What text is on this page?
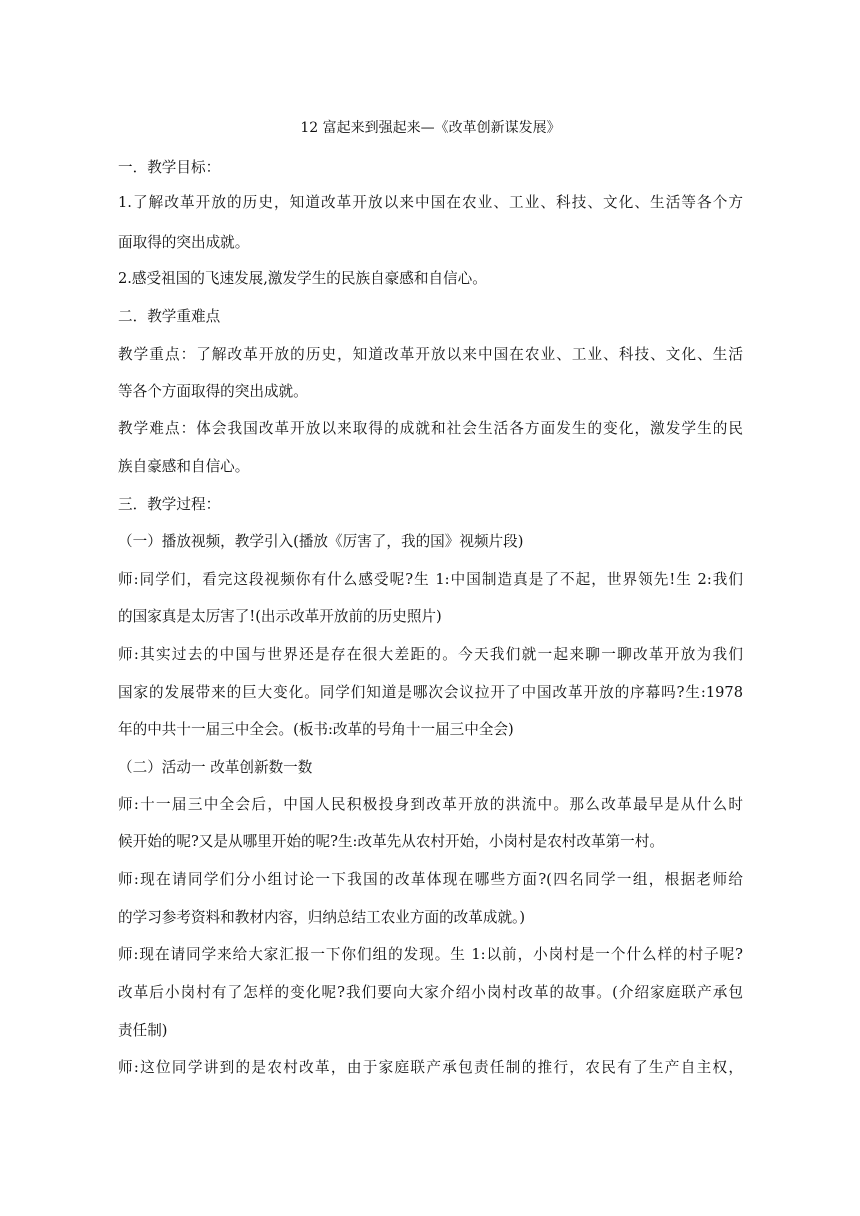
12 富起来到强起来—《改革创新谋发展》
一．教学目标：
1.了解改革开放的历史，知道改革开放以来中国在农业、工业、科技、文化、生活等各个方
面取得的突出成就。
2.感受祖国的飞速发展,激发学生的民族自豪感和自信心。
二．教学重难点
教学重点：了解改革开放的历史，知道改革开放以来中国在农业、工业、科技、文化、生活
等各个方面取得的突出成就。
教学难点：体会我国改革开放以来取得的成就和社会生活各方面发生的变化，激发学生的民
族自豪感和自信心。
三．教学过程：
（一）播放视频，教学引入(播放《厉害了，我的国》视频片段)
师:同学们，看完这段视频你有什么感受呢?生 1:中国制造真是了不起，世界领先!生 2:我们
的国家真是太厉害了!(出示改革开放前的历史照片)
师:其实过去的中国与世界还是存在很大差距的。今天我们就一起来聊一聊改革开放为我们
国家的发展带来的巨大变化。同学们知道是哪次会议拉开了中国改革开放的序幕吗?生:1978
年的中共十一届三中全会。(板书:改革的号角十一届三中全会)
（二）活动一 改革创新数一数
师:十一届三中全会后，中国人民积极投身到改革开放的洪流中。那么改革最早是从什么时
候开始的呢?又是从哪里开始的呢?生:改革先从农村开始，小岗村是农村改革第一村。
师:现在请同学们分小组讨论一下我国的改革体现在哪些方面?(四名同学一组，根据老师给
的学习参考资料和教材内容，归纳总结工农业方面的改革成就。)
师:现在请同学来给大家汇报一下你们组的发现。生 1:以前，小岗村是一个什么样的村子呢?
改革后小岗村有了怎样的变化呢?我们要向大家介绍小岗村改革的故事。(介绍家庭联产承包
责任制)
师:这位同学讲到的是农村改革，由于家庭联产承包责任制的推行，农民有了生产自主权，
